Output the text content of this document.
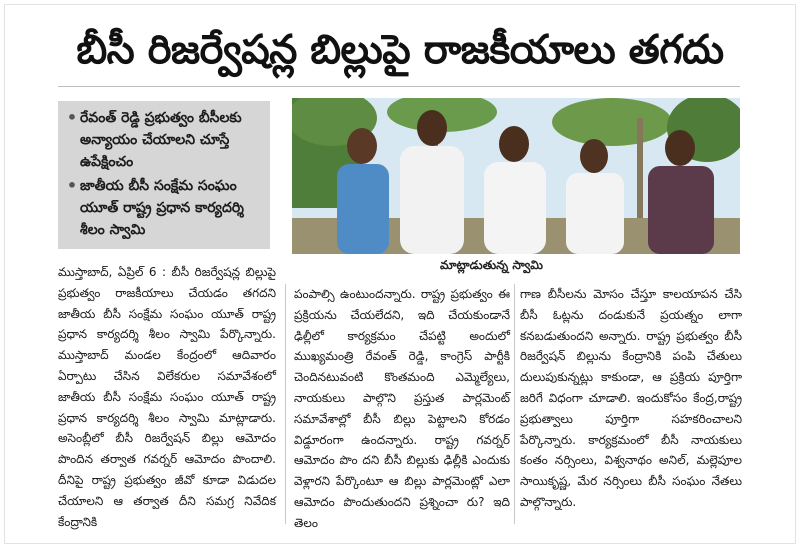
బీసీ రిజర్వేషన్ల బిల్లుపై రాజకీయాలు తగదు
• రేవంత్ రెడ్డి ప్రభుత్వం బీసీలకు అన్యాయం చేయాలని చూస్తే ఉపేక్షించం
• జాతీయ బీసీ సంక్షేమ సంఘం యూత్ రాష్ట్ర ప్రధాన కార్యదర్శి శీలం స్వామి
మాట్లాడుతున్న స్వామి
ముస్తాబాద్, ఏప్రిల్ 6 : బీసీ రిజర్వేషన్ల బిల్లుపై ప్రభుత్వం రాజకీయాలు చేయడం తగదని జాతీయ బీసీ సంక్షేమ సంఘం యూత్ రాష్ట్ర ప్రధాన కార్యదర్శి శీలం స్వామి పేర్కొన్నారు. ముస్తాబాద్ మండల కేంద్రంలో ఆదివారం ఏర్పాటు చేసిన విలేకరుల సమావేశంలో జాతీయ బీసీ సంక్షేమ సంఘం యూత్ రాష్ట్ర ప్రధాన కార్యదర్శి శీలం స్వామి మాట్లాడారు. అసెంబ్లీలో బీసీ రిజర్వేషన్ బిల్లు ఆమోదం పొందిన తర్వాత గవర్నర్ ఆమోదం పొందాలి. దీనిపై రాష్ట్ర ప్రభుత్వం జీవో కూడా విడుదల చేయాలని ఆ తర్వాత దీని సమగ్ర నివేదిక కేంద్రానికి
పంపాల్సి ఉంటుందన్నారు. రాష్ట్ర ప్రభుత్వం ఈ ప్రక్రియను చేయలేదని, ఇది చేయకుండానే ఢిల్లీలో కార్యక్రమం చేపట్టి అందులో ముఖ్యమంత్రి రేవంత్ రెడ్డి, కాంగ్రెస్ పార్టీకి చెందినటువంటి కొంతమంది ఎమ్మెల్యేలు, నాయకులు పాల్గొని ప్రస్తుత పార్లమెంట్ సమావేశాల్లో బీసీ బిల్లు పెట్టాలని కోరడం విడ్డూరంగా ఉందన్నారు. రాష్ట్ర గవర్నర్ ఆమోదం పొం దని బీసీ బిల్లుకు ఢిల్లీకి ఎందుకు వెళ్లారని పేర్కొంటూ ఆ బిల్లు పార్లమెంట్లో ఎలా ఆమోదం పొందుతుందని ప్రశ్నించా రు? ఇది తెలం
గాణ బీసీలను మోసం చేస్తూ కాలయాపన చేసి బీసీ ఓట్లను దండుకునే ప్రయత్నం లాగా కనబడుతుందని అన్నారు. రాష్ట్ర ప్రభుత్వం బీసీ రిజర్వేషన్ బిల్లును కేంద్రానికి పంపి చేతులు దులుపుకున్నట్లు కాకుండా, ఆ ప్రక్రియ పూర్తిగా జరిగే విధంగా చూడాలి. ఇందుకోసం కేంద్ర,రాష్ట్ర ప్రభుత్వాలు పూర్తిగా సహకరించాలని పేర్కొన్నారు. కార్యక్రమంలో బీసీ నాయకులు కంతం నర్సింలు, విశ్వనాథం అనిల్, మల్లెపూల సాయికృష్ణ, మేర నర్సింలు బీసీ సంఘం నేతలు పాల్గొన్నారు.
